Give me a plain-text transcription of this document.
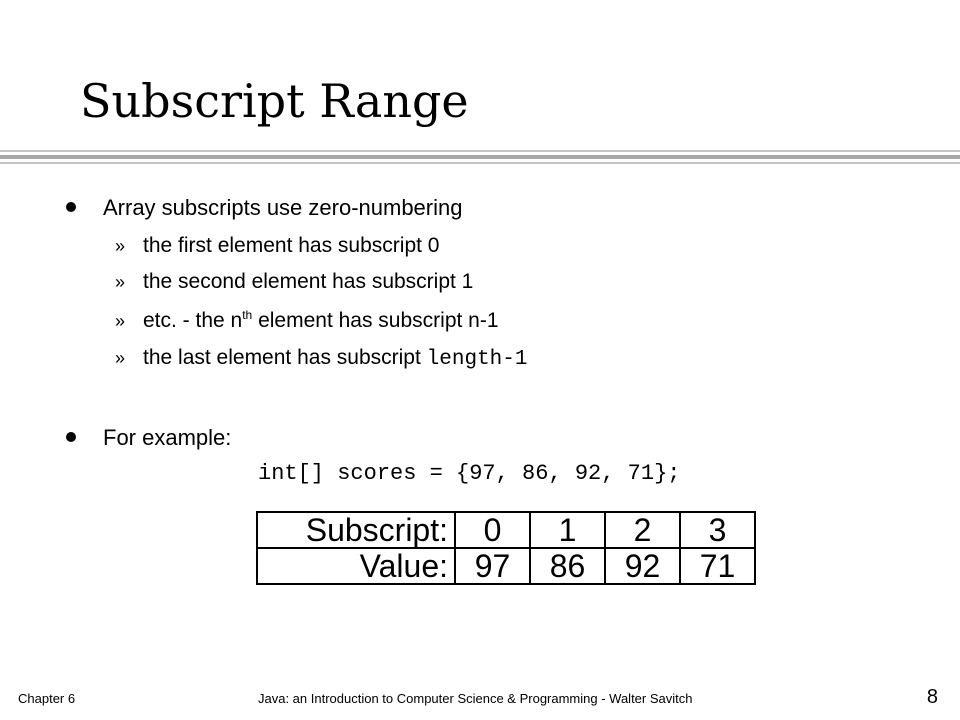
Subscript Range
Array subscripts use zero-numbering
» the first element has subscript 0
» the second element has subscript 1
» etc. - the $n^{th}$ element has subscript n-1
» the last element has subscript length-1
For example:
int[] scores = {97, 86, 92, 71};
Subscript:	0	1	2	3
Value:	97	86	92	71
Chapter 6	Java: an Introduction to Computer Science & Programming - Walter Savitch	8
